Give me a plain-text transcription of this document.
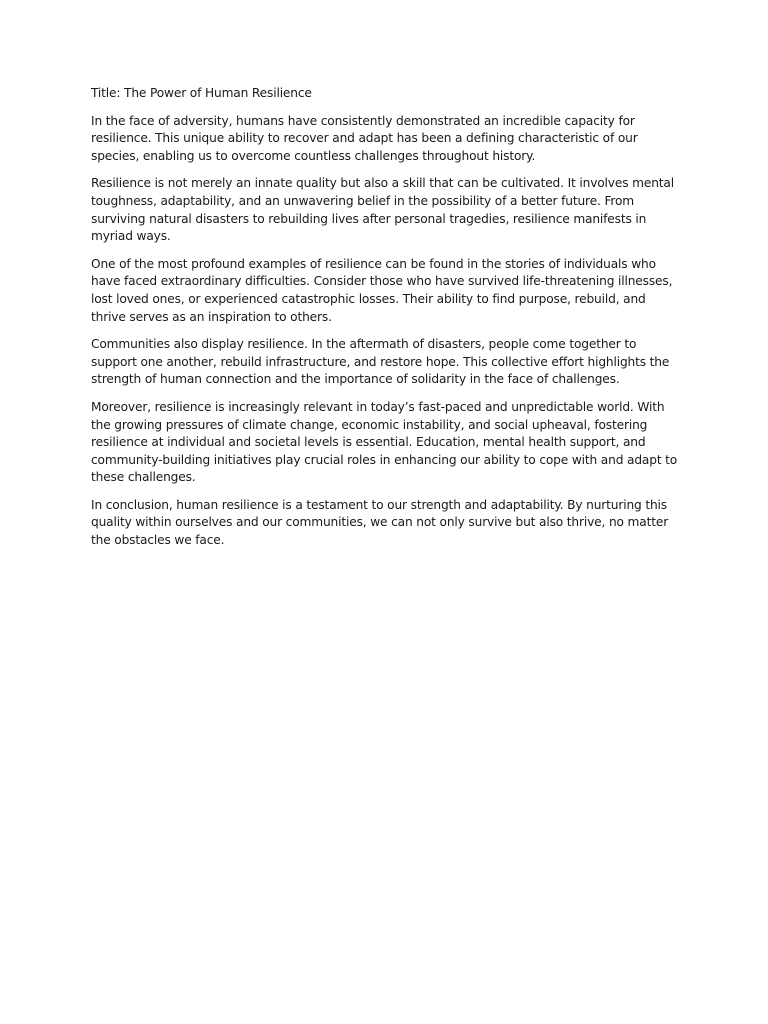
Title: The Power of Human Resilience

In the face of adversity, humans have consistently demonstrated an incredible capacity for resilience. This unique ability to recover and adapt has been a defining characteristic of our species, enabling us to overcome countless challenges throughout history.

Resilience is not merely an innate quality but also a skill that can be cultivated. It involves mental toughness, adaptability, and an unwavering belief in the possibility of a better future. From surviving natural disasters to rebuilding lives after personal tragedies, resilience manifests in myriad ways.

One of the most profound examples of resilience can be found in the stories of individuals who have faced extraordinary difficulties. Consider those who have survived life-threatening illnesses, lost loved ones, or experienced catastrophic losses. Their ability to find purpose, rebuild, and thrive serves as an inspiration to others.

Communities also display resilience. In the aftermath of disasters, people come together to support one another, rebuild infrastructure, and restore hope. This collective effort highlights the strength of human connection and the importance of solidarity in the face of challenges.

Moreover, resilience is increasingly relevant in today’s fast-paced and unpredictable world. With the growing pressures of climate change, economic instability, and social upheaval, fostering resilience at individual and societal levels is essential. Education, mental health support, and community-building initiatives play crucial roles in enhancing our ability to cope with and adapt to these challenges.

In conclusion, human resilience is a testament to our strength and adaptability. By nurturing this quality within ourselves and our communities, we can not only survive but also thrive, no matter the obstacles we face.
